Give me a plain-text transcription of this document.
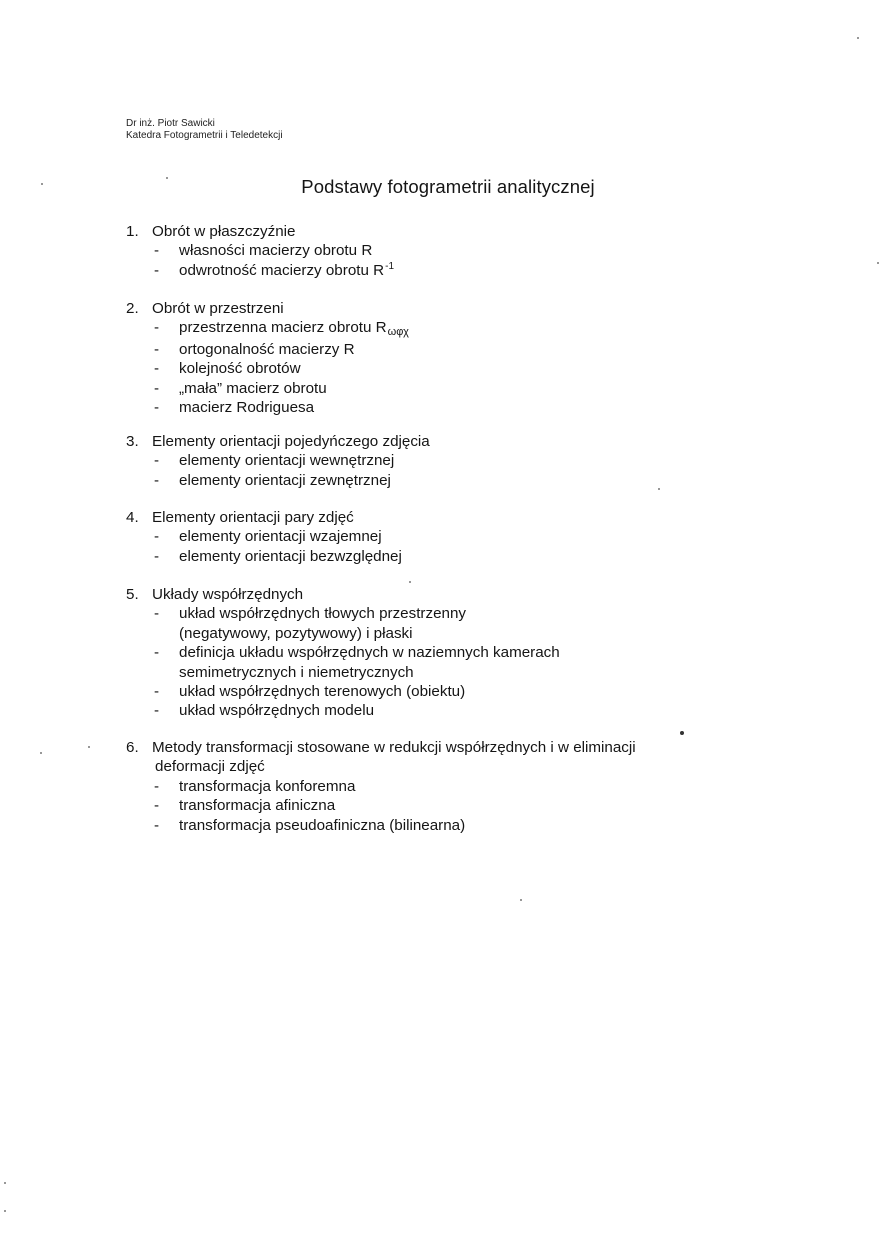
Dr inż. Piotr Sawicki
Katedra Fotogrametrii i Teledetekcji
Podstawy fotogrametrii analitycznej
1. Obrót w płaszczyźnie
- własności macierzy obrotu R
- odwrotność macierzy obrotu $R^{-1}$
2. Obrót w przestrzeni
- przestrzenna macierz obrotu Rωφχ
- ortogonalność macierzy R
- kolejność obrotów
- „mała” macierz obrotu
- macierz Rodriguesa
3. Elementy orientacji pojedyńczego zdjęcia
- elementy orientacji wewnętrznej
- elementy orientacji zewnętrznej
4. Elementy orientacji pary zdjęć
- elementy orientacji wzajemnej
- elementy orientacji bezwzględnej
5. Układy współrzędnych
- układ współrzędnych tłowych przestrzenny
(negatywowy, pozytywowy) i płaski
- definicja układu współrzędnych w naziemnych kamerach
semimetrycznych i niemetrycznych
- układ współrzędnych terenowych (obiektu)
- układ współrzędnych modelu
6. Metody transformacji stosowane w redukcji współrzędnych i w eliminacji
deformacji zdjęć
- transformacja konforemna
- transformacja afiniczna
- transformacja pseudoafiniczna (bilinearna)
